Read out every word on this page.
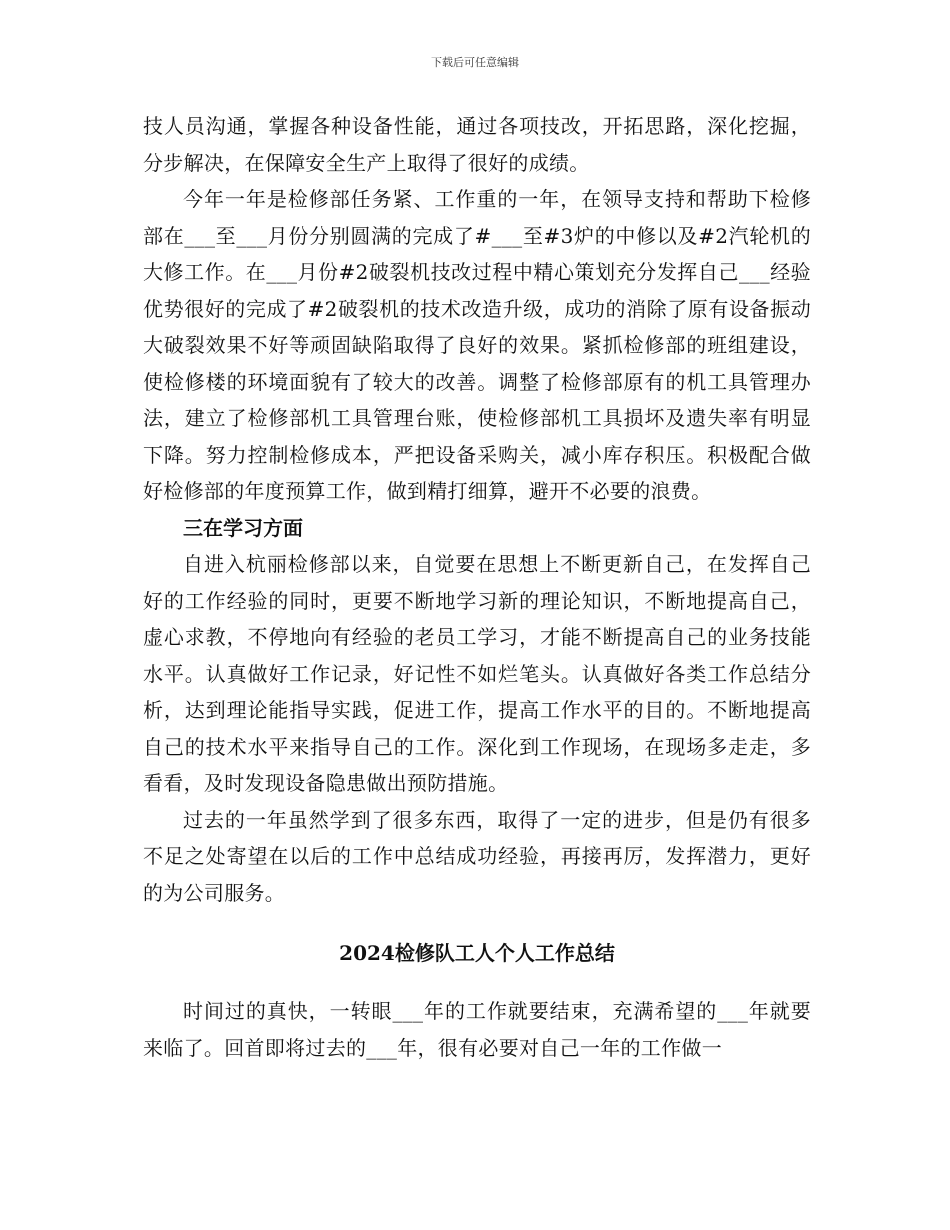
下载后可任意编辑

技人员沟通，掌握各种设备性能，通过各项技改，开拓思路，深化挖掘，分步解决，在保障安全生产上取得了很好的成绩。

今年一年是检修部任务紧、工作重的一年，在领导支持和帮助下检修部在___至___月份分别圆满的完成了#___至#3炉的中修以及#2汽轮机的大修工作。在___月份#2破裂机技改过程中精心策划充分发挥自己___经验优势很好的完成了#2破裂机的技术改造升级，成功的消除了原有设备振动大破裂效果不好等顽固缺陷取得了良好的效果。紧抓检修部的班组建设，使检修楼的环境面貌有了较大的改善。调整了检修部原有的机工具管理办法，建立了检修部机工具管理台账，使检修部机工具损坏及遗失率有明显下降。努力控制检修成本，严把设备采购关，减小库存积压。积极配合做好检修部的年度预算工作，做到精打细算，避开不必要的浪费。

三在学习方面

自进入杭丽检修部以来，自觉要在思想上不断更新自己，在发挥自己好的工作经验的同时，更要不断地学习新的理论知识，不断地提高自己，虚心求教，不停地向有经验的老员工学习，才能不断提高自己的业务技能水平。认真做好工作记录，好记性不如烂笔头。认真做好各类工作总结分析，达到理论能指导实践，促进工作，提高工作水平的目的。不断地提高自己的技术水平来指导自己的工作。深化到工作现场，在现场多走走，多看看，及时发现设备隐患做出预防措施。

过去的一年虽然学到了很多东西，取得了一定的进步，但是仍有很多不足之处寄望在以后的工作中总结成功经验，再接再厉，发挥潜力，更好的为公司服务。

2024检修队工人个人工作总结

时间过的真快，一转眼___年的工作就要结束，充满希望的___年就要来临了。回首即将过去的___年，很有必要对自己一年的工作做一
